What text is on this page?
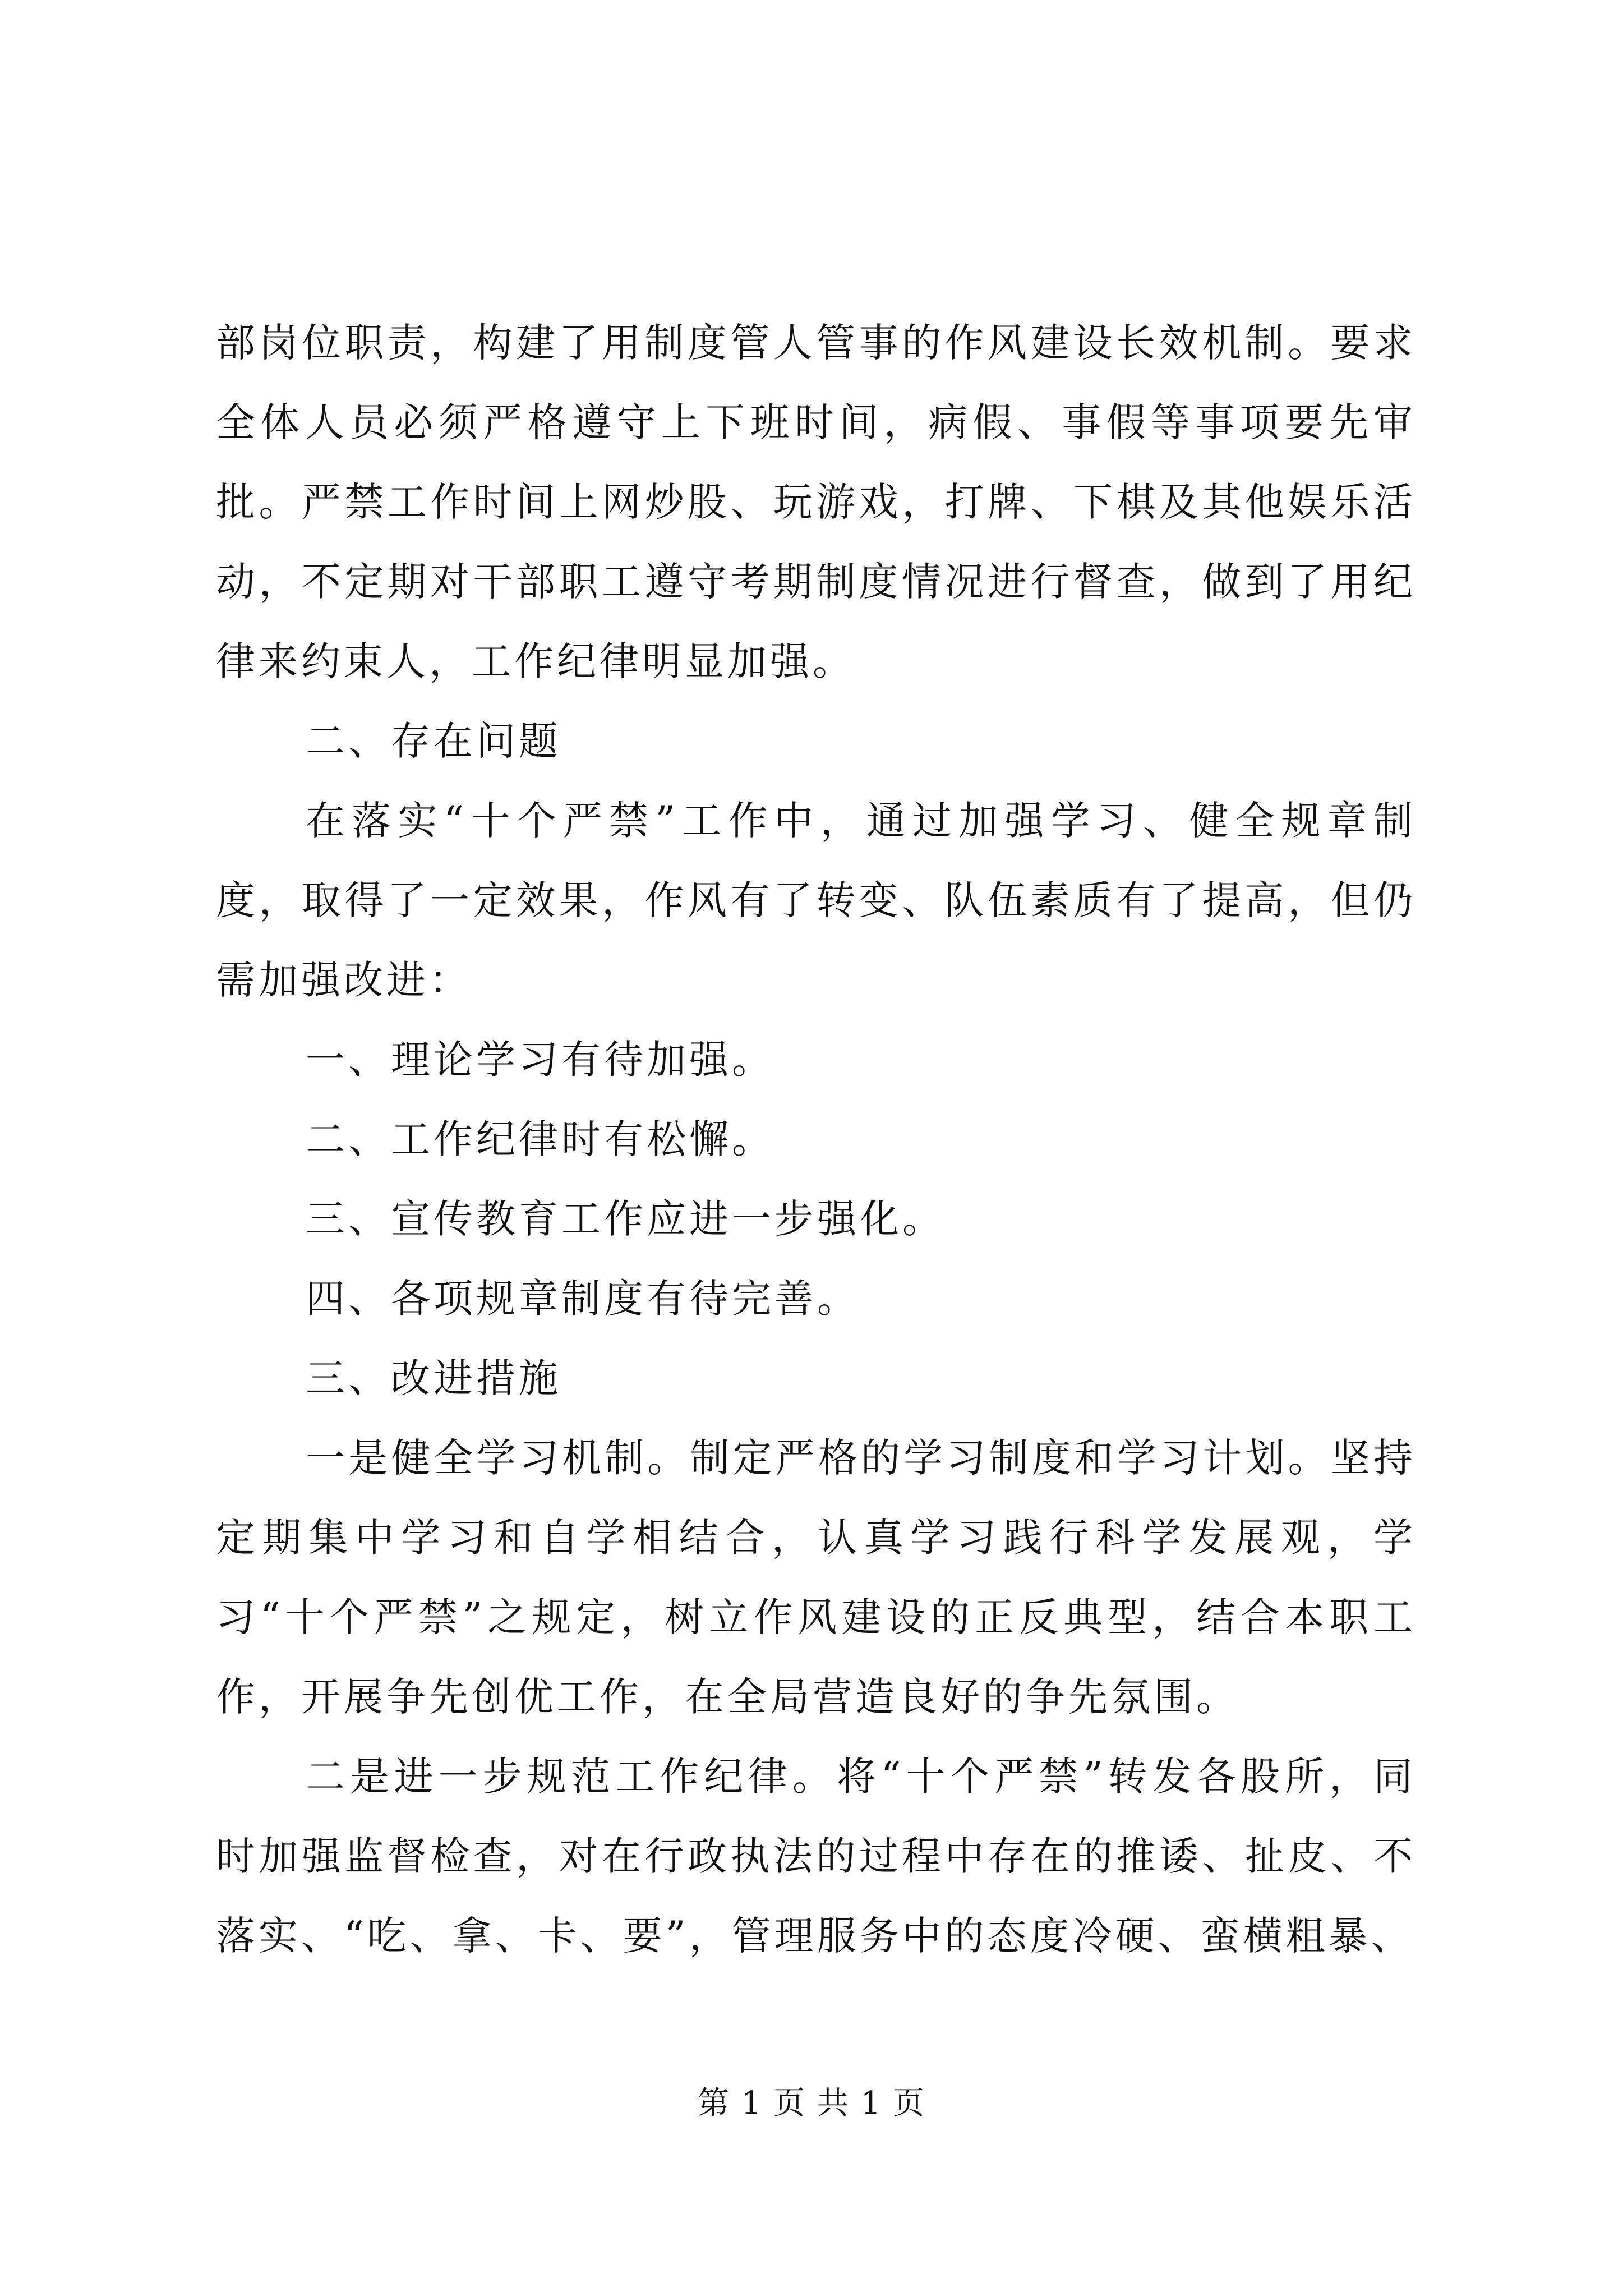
部岗位职责，构建了用制度管人管事的作风建设长效机制。要求全体人员必须严格遵守上下班时间，病假、事假等事项要先审批。严禁工作时间上网炒股、玩游戏，打牌、下棋及其他娱乐活动，不定期对干部职工遵守考期制度情况进行督查，做到了用纪律来约束人，工作纪律明显加强。

二、存在问题

在落实“十个严禁”工作中，通过加强学习、健全规章制度，取得了一定效果，作风有了转变、队伍素质有了提高，但仍需加强改进：

一、理论学习有待加强。

二、工作纪律时有松懈。

三、宣传教育工作应进一步强化。

四、各项规章制度有待完善。

三、改进措施

一是健全学习机制。制定严格的学习制度和学习计划。坚持定期集中学习和自学相结合，认真学习践行科学发展观，学习“十个严禁”之规定，树立作风建设的正反典型，结合本职工作，开展争先创优工作，在全局营造良好的争先氛围。

二是进一步规范工作纪律。将“十个严禁”转发各股所，同时加强监督检查，对在行政执法的过程中存在的推诿、扯皮、不落实、“吃、拿、卡、要”，管理服务中的态度冷硬、蛮横粗暴、

第 1 页 共 1 页
